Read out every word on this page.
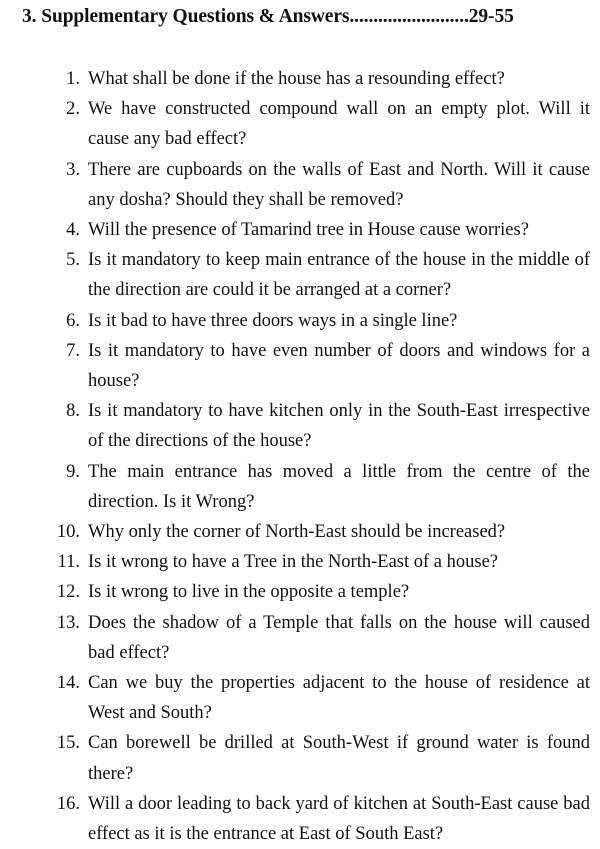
3. Supplementary Questions & Answers.........................29-55
1. What shall be done if the house has a resounding effect?
2. We have constructed compound wall on an empty plot. Will it cause any bad effect?
3. There are cupboards on the walls of East and North. Will it cause any dosha? Should they shall be removed?
4. Will the presence of Tamarind tree in House cause worries?
5. Is it mandatory to keep main entrance of the house in the middle of the direction are could it be arranged at a corner?
6. Is it bad to have three doors ways in a single line?
7. Is it mandatory to have even number of doors and windows for a house?
8. Is it mandatory to have kitchen only in the South-East irrespective of the directions of the house?
9. The main entrance has moved a little from the centre of the direction. Is it Wrong?
10. Why only the corner of North-East should be increased?
11. Is it wrong to have a Tree in the North-East of a house?
12. Is it wrong to live in the opposite a temple?
13. Does the shadow of a Temple that falls on the house will caused bad effect?
14. Can we buy the properties adjacent to the house of residence at West and South?
15. Can borewell be drilled at South-West if ground water is found there?
16. Will a door leading to back yard of kitchen at South-East cause bad effect as it is the entrance at East of South East?
